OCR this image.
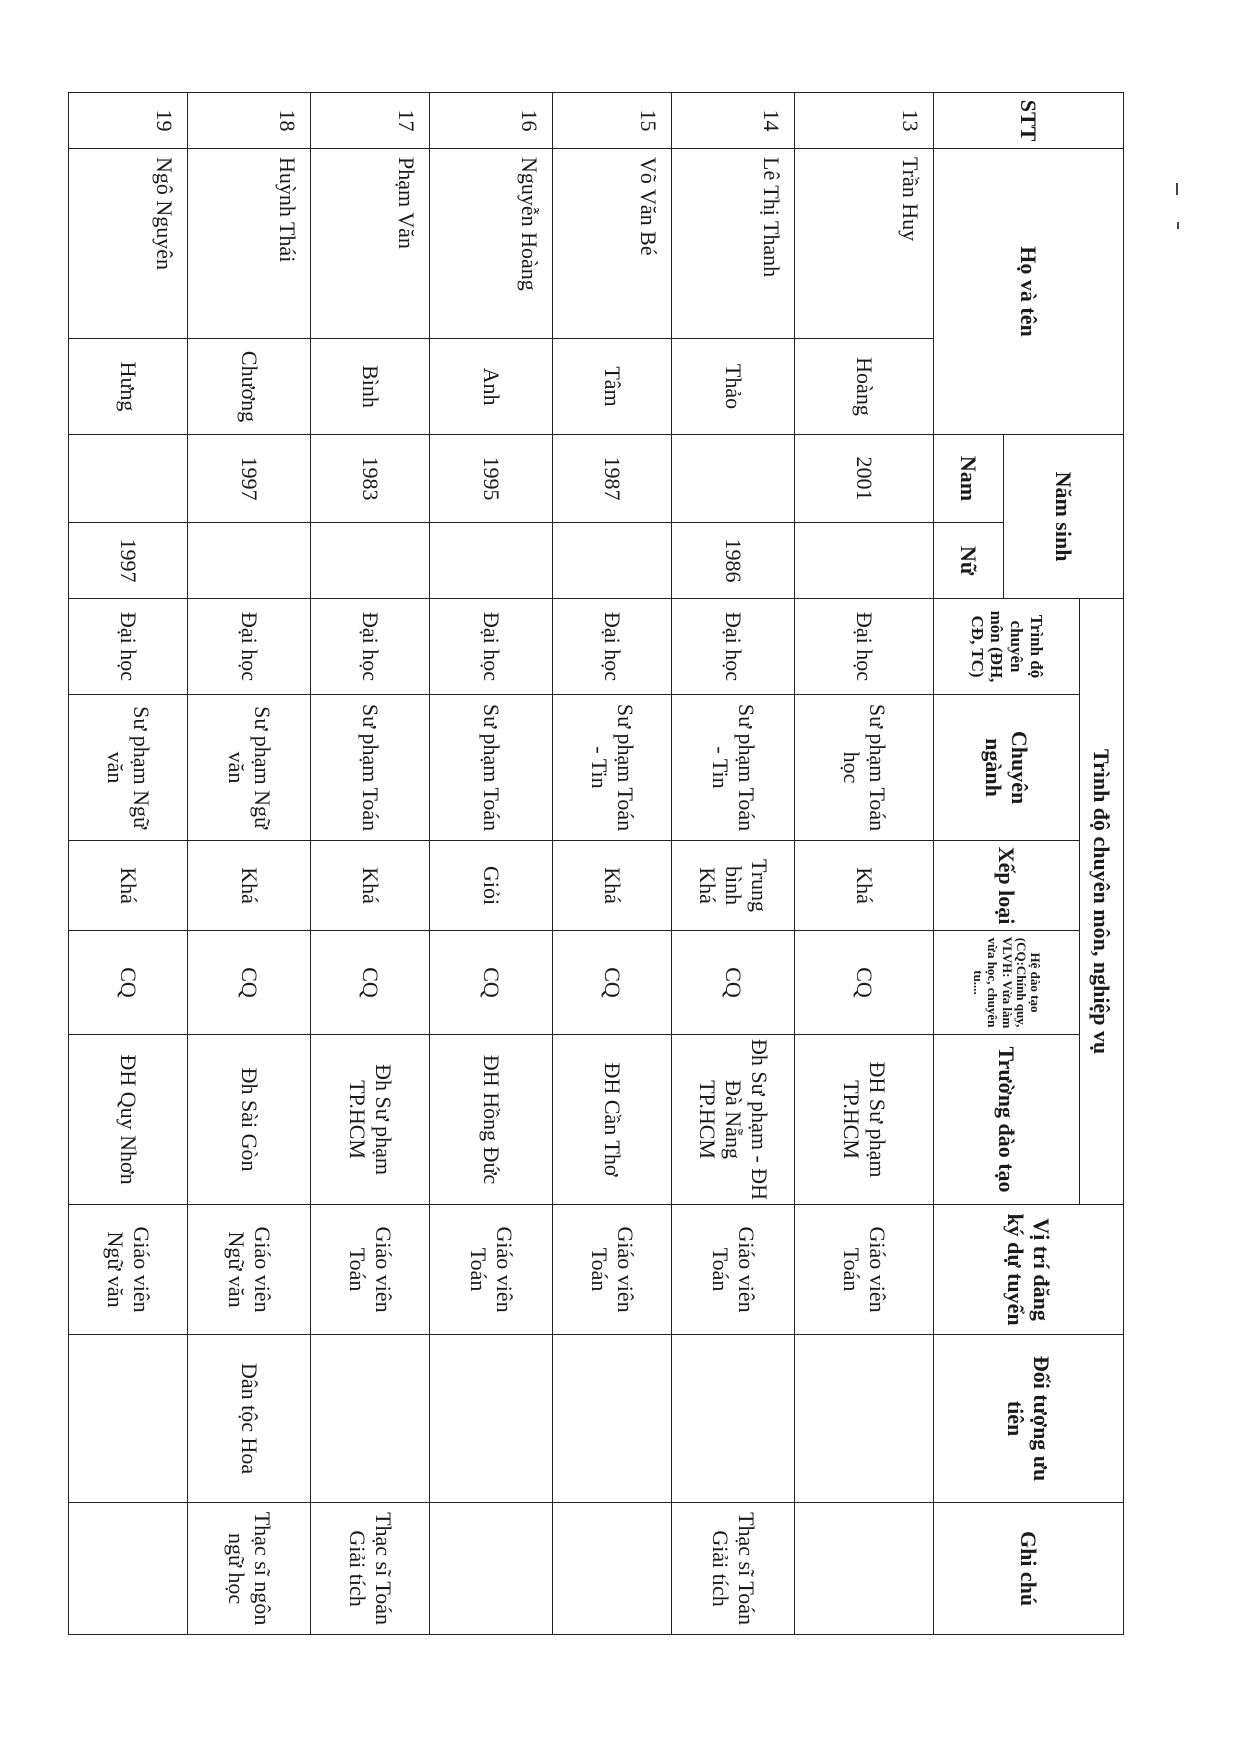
STT	Họ và tên		Năm sinh		Trình độ chuyên môn, nghiệp vụ					Vị trí đăng ký dự tuyển	Đối tượng ưu tiên	Ghi chú
					Trình độ chuyên môn (ĐH, CĐ, TC)	Chuyên ngành	Xếp loại	Hệ đào tạo (CQ:Chính quy, VLVH: Vừa làm vừa học, chuyên tu....	Trường đào tạo			
			Nam	Nữ								
13	Trần Huy	Hoàng	2001		Đại học	Sư phạm Toán học	Khá	CQ	ĐH Sư phạm TP.HCM	Giáo viên Toán		
14	Lê Thị Thanh	Thảo		1986	Đại học	Sư phạm Toán - Tin	Trung bình Khá	CQ	Đh Sư phạm - ĐH Đà Nẵng TP.HCM	Giáo viên Toán		Thạc sĩ Toán Giải tích
15	Võ Văn Bé	Tâm	1987		Đại học	Sư phạm Toán - Tin	Khá	CQ	ĐH Cần Thơ	Giáo viên Toán		
16	Nguyễn Hoàng	Anh	1995		Đại học	Sư phạm Toán	Giỏi	CQ	ĐH Hồng Đức	Giáo viên Toán		
17	Phạm Văn	Bình	1983		Đại học	Sư phạm Toán	Khá	CQ	Đh Sư phạm TP.HCM	Giáo viên Toán		Thạc sĩ Toán Giải tích
18	Huỳnh Thái	Chương	1997		Đại học	Sư phạm Ngữ văn	Khá	CQ	Đh Sài Gòn	Giáo viên Ngữ văn	Dân tộc Hoa	Thạc sĩ ngôn ngữ học
19	Ngô Nguyên	Hưng		1997	Đại học	Sư phạm Ngữ văn	Khá	CQ	ĐH Quy Nhơn	Giáo viên Ngữ văn		
